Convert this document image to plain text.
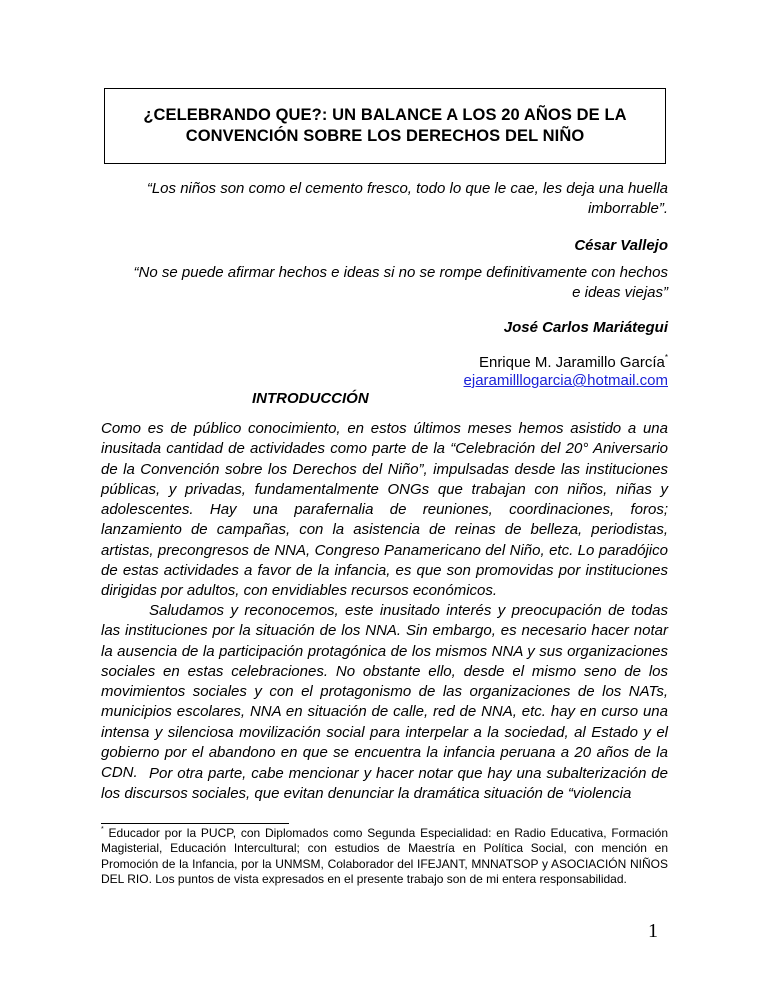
¿CELEBRANDO QUE?: UN BALANCE A LOS 20 AÑOS DE LA CONVENCIÓN SOBRE LOS DERECHOS DEL NIÑO
“Los niños son como el cemento fresco, todo lo que le cae, les deja una huella imborrable”.
César Vallejo
“No se puede afirmar hechos e ideas si no se rompe definitivamente con hechos e ideas viejas”
José Carlos Mariátegui
Enrique M. Jaramillo García*
ejaramilllogarcia@hotmail.com
INTRODUCCIÓN

Como es de público conocimiento, en estos últimos meses hemos asistido a una inusitada cantidad de actividades como parte de la “Celebración del 20° Aniversario de la Convención sobre los Derechos del Niño”, impulsadas desde las instituciones públicas, y privadas, fundamentalmente ONGs que trabajan con niños, niñas y adolescentes. Hay una parafernalia de reuniones, coordinaciones, foros; lanzamiento de campañas, con la asistencia de reinas de belleza, periodistas, artistas, precongresos de NNA, Congreso Panamericano del Niño, etc. Lo paradójico de estas actividades a favor de la infancia, es que son promovidas por instituciones dirigidas por adultos, con envidiables recursos económicos.

Saludamos y reconocemos, este inusitado interés y preocupación de todas las instituciones por la situación de los NNA. Sin embargo, es necesario hacer notar la ausencia de la participación protagónica de los mismos NNA y sus organizaciones sociales en estas celebraciones. No obstante ello, desde el mismo seno de los movimientos sociales y con el protagonismo de las organizaciones de los NATs, municipios escolares, NNA en situación de calle, red de NNA, etc. hay en curso una intensa y silenciosa movilización social para interpelar a la sociedad, al Estado y el gobierno por el abandono en que se encuentra la infancia peruana a 20 años de la CDN. Por otra parte, cabe mencionar y hacer notar que hay una subalterización de los discursos sociales, que evitan denunciar la dramática situación de “violencia

* Educador por la PUCP, con Diplomados como Segunda Especialidad: en Radio Educativa, Formación Magisterial, Educación Intercultural; con estudios de Maestría en Política Social, con mención en Promoción de la Infancia, por la UNMSM, Colaborador del IFEJANT, MNNATSOP y ASOCIACIÓN NIÑOS DEL RIO. Los puntos de vista expresados en el presente trabajo son de mi entera responsabilidad.

1
